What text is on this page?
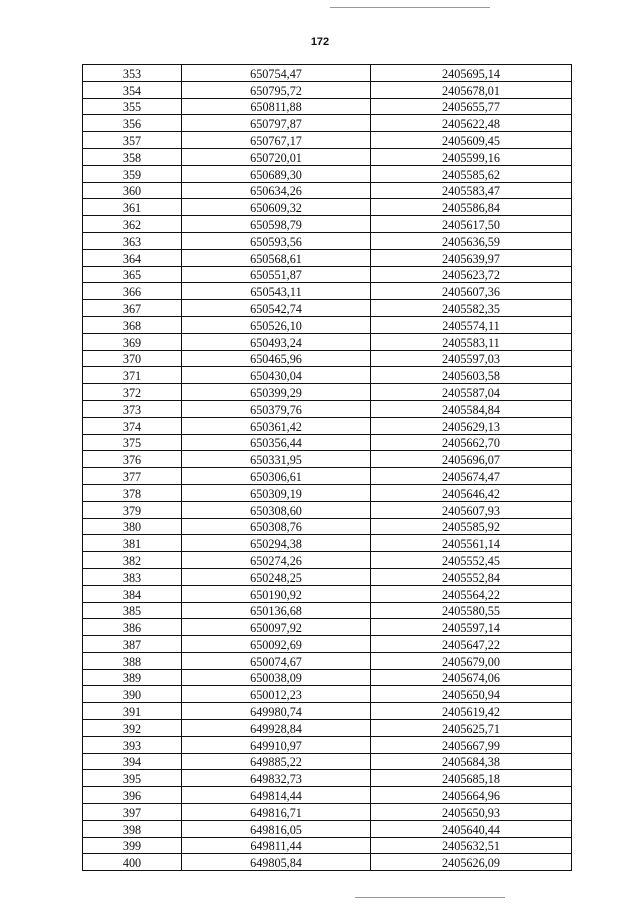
172
353	650754,47	2405695,14
354	650795,72	2405678,01
355	650811,88	2405655,77
356	650797,87	2405622,48
357	650767,17	2405609,45
358	650720,01	2405599,16
359	650689,30	2405585,62
360	650634,26	2405583,47
361	650609,32	2405586,84
362	650598,79	2405617,50
363	650593,56	2405636,59
364	650568,61	2405639,97
365	650551,87	2405623,72
366	650543,11	2405607,36
367	650542,74	2405582,35
368	650526,10	2405574,11
369	650493,24	2405583,11
370	650465,96	2405597,03
371	650430,04	2405603,58
372	650399,29	2405587,04
373	650379,76	2405584,84
374	650361,42	2405629,13
375	650356,44	2405662,70
376	650331,95	2405696,07
377	650306,61	2405674,47
378	650309,19	2405646,42
379	650308,60	2405607,93
380	650308,76	2405585,92
381	650294,38	2405561,14
382	650274,26	2405552,45
383	650248,25	2405552,84
384	650190,92	2405564,22
385	650136,68	2405580,55
386	650097,92	2405597,14
387	650092,69	2405647,22
388	650074,67	2405679,00
389	650038,09	2405674,06
390	650012,23	2405650,94
391	649980,74	2405619,42
392	649928,84	2405625,71
393	649910,97	2405667,99
394	649885,22	2405684,38
395	649832,73	2405685,18
396	649814,44	2405664,96
397	649816,71	2405650,93
398	649816,05	2405640,44
399	649811,44	2405632,51
400	649805,84	2405626,09
